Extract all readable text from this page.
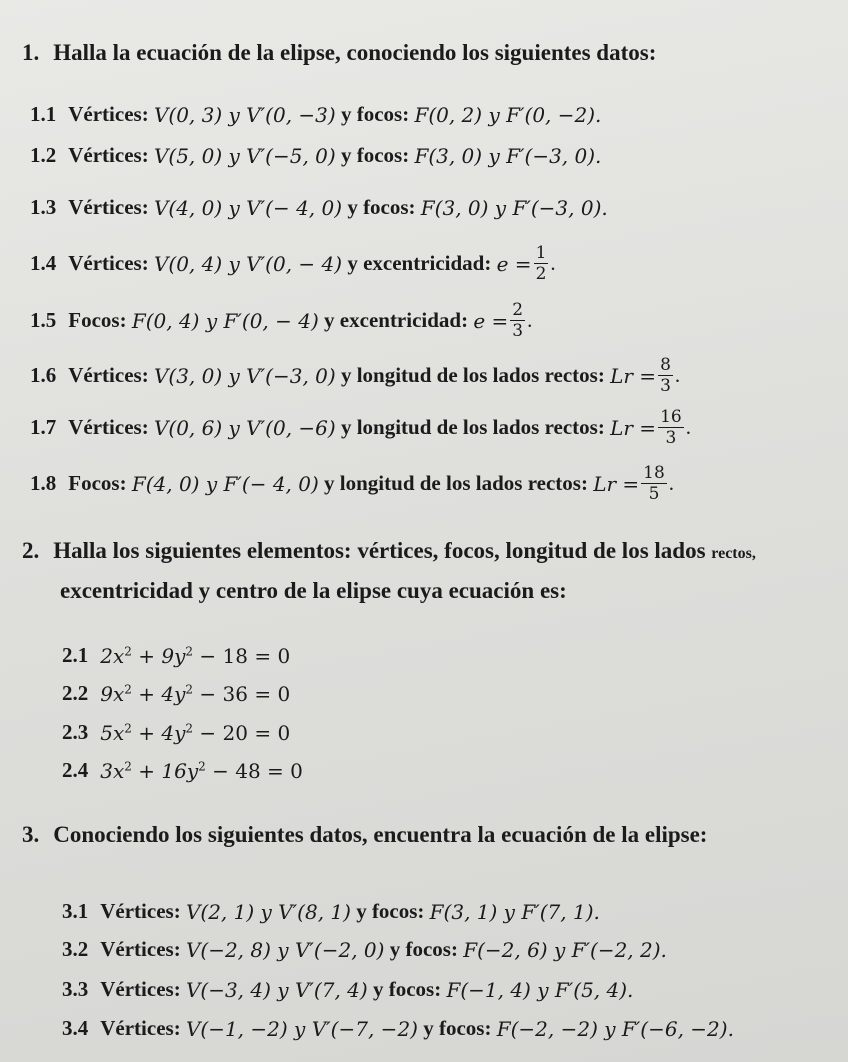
1. Halla la ecuación de la elipse, conociendo los siguientes datos:
1.1 Vértices:
V(0, 3) y V′(0, −3)
y focos:
F(0, 2) y F′(0, −2).
1.2 Vértices:
V(5, 0) y V′(−5, 0)
y focos:
F(3, 0) y F′(−3, 0).
1.3 Vértices:
V(4, 0) y V′(− 4, 0)
y focos:
F(3, 0) y F′(−3, 0).
1.4 Vértices:
V(0, 4) y V′(0, − 4)
y excentricidad:
$e = \frac{1}{2}$ .
1.5 Focos:
F(0, 4) y F′(0, − 4)
y excentricidad:
$e = \frac{2}{3}$ .
1.6 Vértices:
V(3, 0) y V′(−3, 0)
y longitud de los lados rectos:
$Lr = \frac{8}{3}$ .
1.7 Vértices:
V(0, 6) y V′(0, −6)
y longitud de los lados rectos:
$Lr = \frac{16}{3}$ .
1.8 Focos:
F(4, 0) y F′(− 4, 0)
y longitud de los lados rectos:
$Lr = \frac{18}{5}$ .
2. Halla los siguientes elementos: vértices, focos, longitud de los lados rectos,
excentricidad y centro de la elipse cuya ecuación es:
2.1 $2x^2 + 9y^2 - 18 = 0$
2.2 $9x^2 + 4y^2 - 36 = 0$
2.3 $5x^2 + 4y^2 - 20 = 0$
2.4 $3x^2 + 16y^2 - 48 = 0$
3. Conociendo los siguientes datos, encuentra la ecuación de la elipse:
3.1 Vértices:
V(2, 1) y V′(8, 1)
y focos:
F(3, 1) y F′(7, 1).
3.2 Vértices:
V(−2, 8) y V′(−2, 0)
y focos:
F(−2, 6) y F′(−2, 2).
3.3 Vértices:
V(−3, 4) y V′(7, 4)
y focos:
F(−1, 4) y F′(5, 4).
3.4 Vértices:
V(−1, −2) y V′(−7, −2)
y focos:
F(−2, −2) y F′(−6, −2).
